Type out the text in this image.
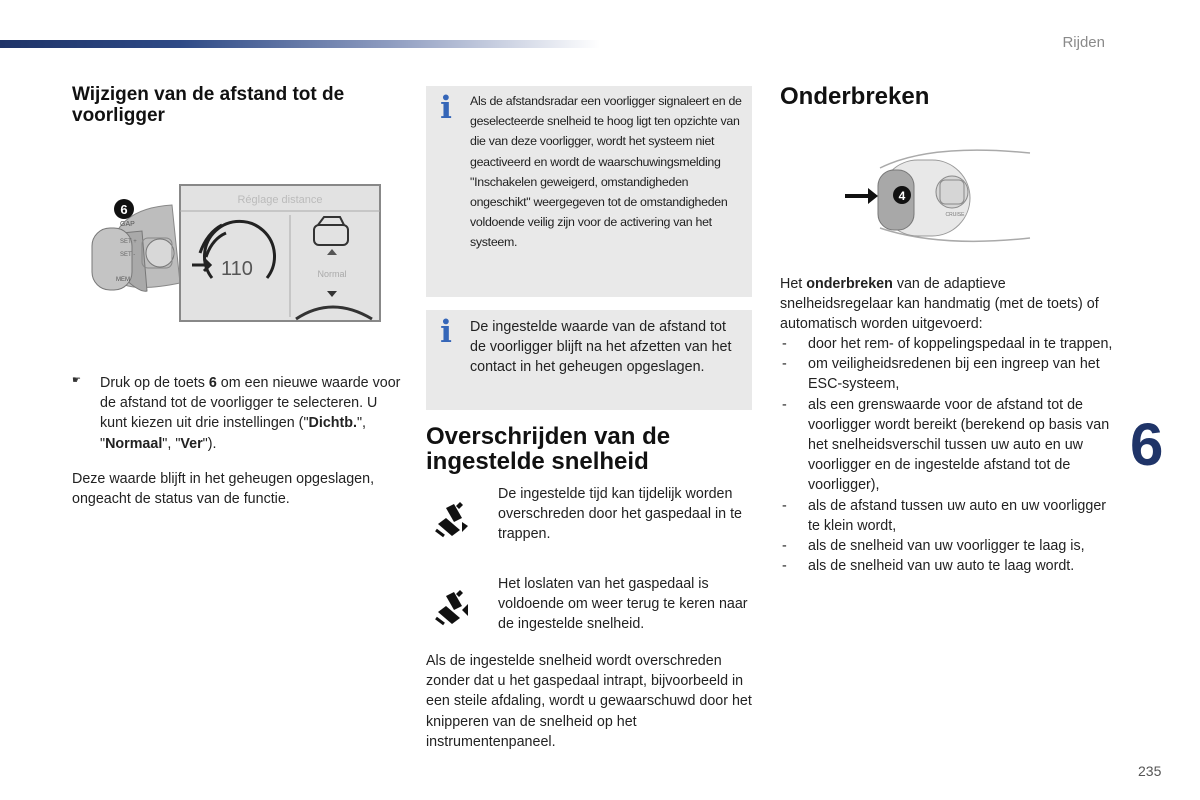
Rijden
6
235
Wijzigen van de afstand tot de voorligger
GAP
SET +
SET -
MEM
6
Réglage distance
110	Normal
☛ Druk op de toets 6 om een nieuwe waarde voor de afstand tot de voorligger te selecteren. U kunt kiezen uit drie instellingen ("Dichtb.", "Normaal", "Ver").

Deze waarde blijft in het geheugen opgeslagen, ongeacht de status van de functie.

i	Als de afstandsradar een voorligger signaleert en de geselecteerde snelheid te hoog ligt ten opzichte van die van deze voorligger, wordt het systeem niet geactiveerd en wordt de waarschuwingsmelding "Inschakelen geweigerd, omstandigheden ongeschikt" weergegeven tot de omstandigheden voldoende veilig zijn voor de activering van het systeem.

i	De ingestelde waarde van de afstand tot de voorligger blijft na het afzetten van het contact in het geheugen opgeslagen.

Overschrijden van de ingestelde snelheid

De ingestelde tijd kan tijdelijk worden overschreden door het gaspedaal in te trappen.

Het loslaten van het gaspedaal is voldoende om weer terug te keren naar de ingestelde snelheid.

Als de ingestelde snelheid wordt overschreden zonder dat u het gaspedaal intrapt, bijvoorbeeld in een steile afdaling, wordt u gewaarschuwd door het knipperen van de snelheid op het instrumentenpaneel.

Onderbreken
CRUISE
4

Het onderbreken van de adaptieve snelheidsregelaar kan handmatig (met de toets) of automatisch worden uitgevoerd:

- door het rem- of koppelingspedaal in te trappen,
- om veiligheidsredenen bij een ingreep van het ESC-systeem,
- als een grenswaarde voor de afstand tot de voorligger wordt bereikt (berekend op basis van het snelheidsverschil tussen uw auto en uw voorligger en de ingestelde afstand tot de voorligger),
- als de afstand tussen uw auto en uw voorligger te klein wordt,
- als de snelheid van uw voorligger te laag is,
- als de snelheid van uw auto te laag wordt.
